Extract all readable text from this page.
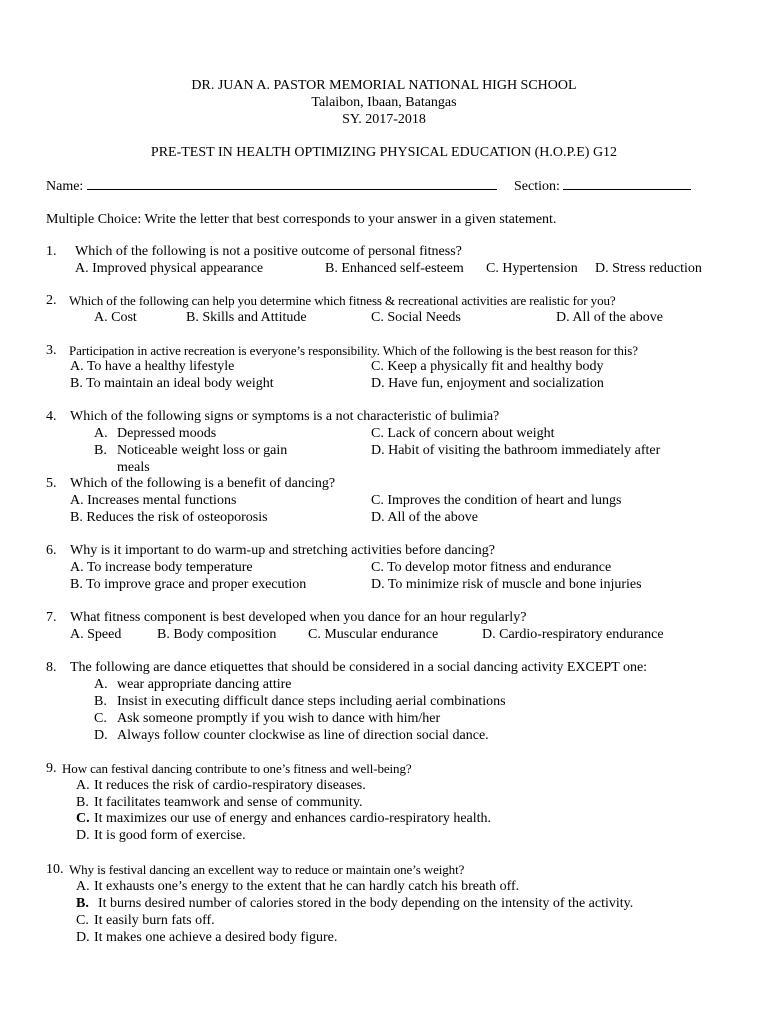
DR. JUAN A. PASTOR MEMORIAL NATIONAL HIGH SCHOOL
Talaibon, Ibaan, Batangas
SY. 2017-2018
PRE-TEST IN HEALTH OPTIMIZING PHYSICAL EDUCATION (H.O.P.E) G12
Name:	Section:
Multiple Choice: Write the letter that best corresponds to your answer in a given statement.
1. Which of the following is not a positive outcome of personal fitness?
A. Improved physical appearance	B. Enhanced self-esteem C. Hypertension D. Stress reduction
2. Which of the following can help you determine which fitness & recreational activities are realistic for you?
A. Cost	B. Skills and Attitude	C. Social Needs	D. All of the above
3. Participation in active recreation is everyone’s responsibility. Which of the following is the best reason for this?
A. To have a healthy lifestyle	C. Keep a physically fit and healthy body
B. To maintain an ideal body weight	D. Have fun, enjoyment and socialization
4. Which of the following signs or symptoms is a not characteristic of bulimia?
A. Depressed moods	C. Lack of concern about weight
B. Noticeable weight loss or gain	D. Habit of visiting the bathroom immediately after
meals
5. Which of the following is a benefit of dancing?
A. Increases mental functions	C. Improves the condition of heart and lungs
B. Reduces the risk of osteoporosis	D. All of the above
6. Why is it important to do warm-up and stretching activities before dancing?
A. To increase body temperature	C. To develop motor fitness and endurance
B. To improve grace and proper execution	D. To minimize risk of muscle and bone injuries
7. What fitness component is best developed when you dance for an hour regularly?
A. Speed	B. Body composition C. Muscular endurance	D. Cardio-respiratory endurance
8. The following are dance etiquettes that should be considered in a social dancing activity EXCEPT one:
A. wear appropriate dancing attire
B. Insist in executing difficult dance steps including aerial combinations
C. Ask someone promptly if you wish to dance with him/her
D. Always follow counter clockwise as line of direction social dance.
9. How can festival dancing contribute to one’s fitness and well-being?
A. It reduces the risk of cardio-respiratory diseases.
B. It facilitates teamwork and sense of community.
C. It maximizes our use of energy and enhances cardio-respiratory health.
D. It is good form of exercise.
10. Why is festival dancing an excellent way to reduce or maintain one’s weight?
A. It exhausts one’s energy to the extent that he can hardly catch his breath off.
B. It burns desired number of calories stored in the body depending on the intensity of the activity.
C. It easily burn fats off.
D. It makes one achieve a desired body figure.
